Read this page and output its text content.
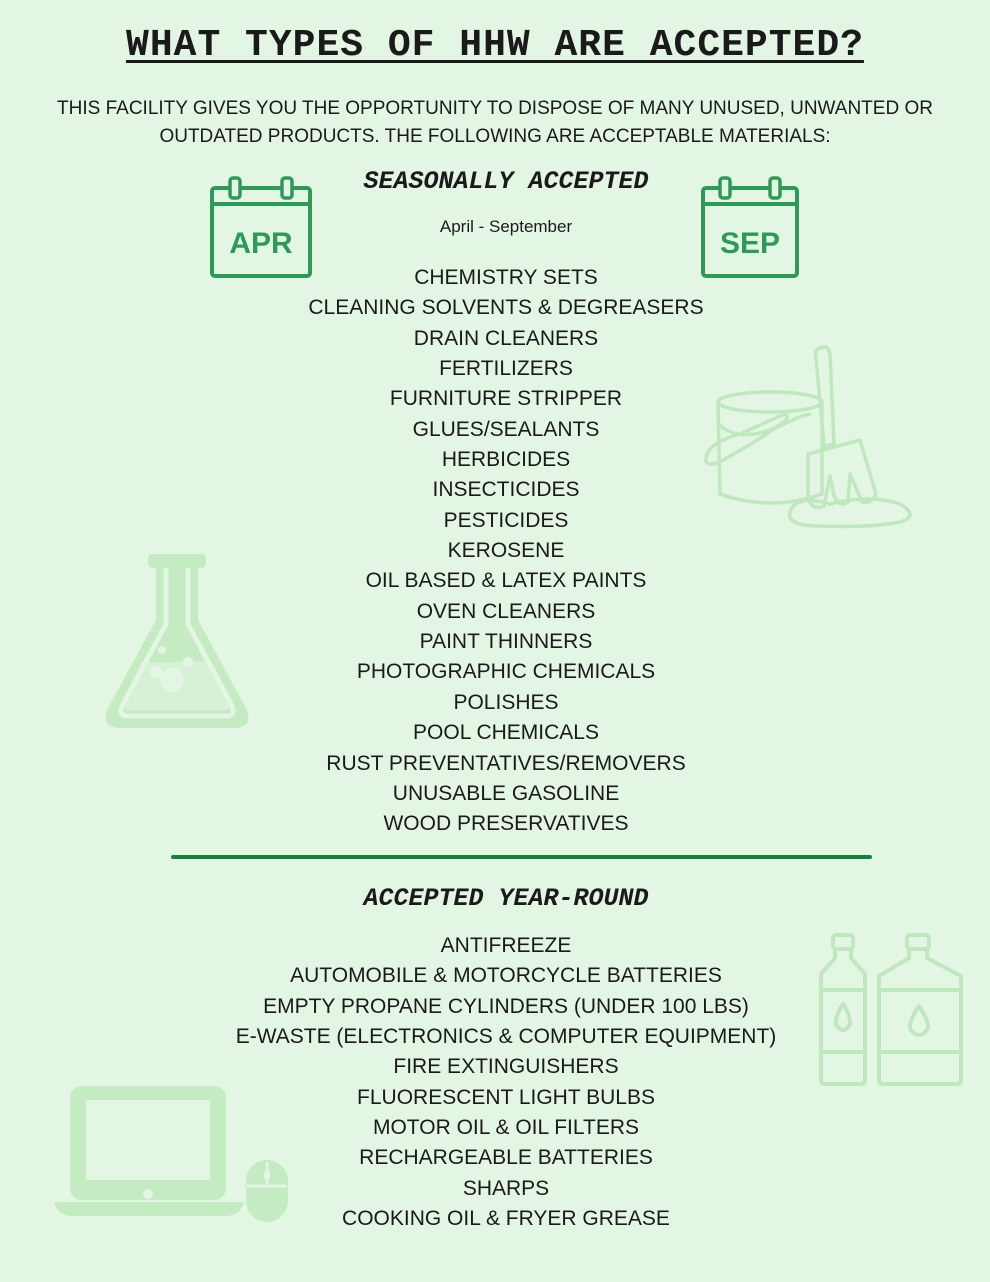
WHAT TYPES OF HHW ARE ACCEPTED?

THIS FACILITY GIVES YOU THE OPPORTUNITY TO DISPOSE OF MANY UNUSED, UNWANTED OR
OUTDATED PRODUCTS. THE FOLLOWING ARE ACCEPTABLE MATERIALS:

APR	SEP
SEASONALLY ACCEPTED

April - September

CHEMISTRY SETS
CLEANING SOLVENTS & DEGREASERS
DRAIN CLEANERS
FERTILIZERS
FURNITURE STRIPPER
GLUES/SEALANTS
HERBICIDES
INSECTICIDES
PESTICIDES
KEROSENE
OIL BASED & LATEX PAINTS
OVEN CLEANERS
PAINT THINNERS
PHOTOGRAPHIC CHEMICALS
POLISHES
POOL CHEMICALS
RUST PREVENTATIVES/REMOVERS
UNUSABLE GASOLINE
WOOD PRESERVATIVES
ACCEPTED YEAR-ROUND
ANTIFREEZE
AUTOMOBILE & MOTORCYCLE BATTERIES
EMPTY PROPANE CYLINDERS (UNDER 100 LBS)
E-WASTE (ELECTRONICS & COMPUTER EQUIPMENT)
FIRE EXTINGUISHERS
FLUORESCENT LIGHT BULBS
MOTOR OIL & OIL FILTERS
RECHARGEABLE BATTERIES
SHARPS
COOKING OIL & FRYER GREASE
